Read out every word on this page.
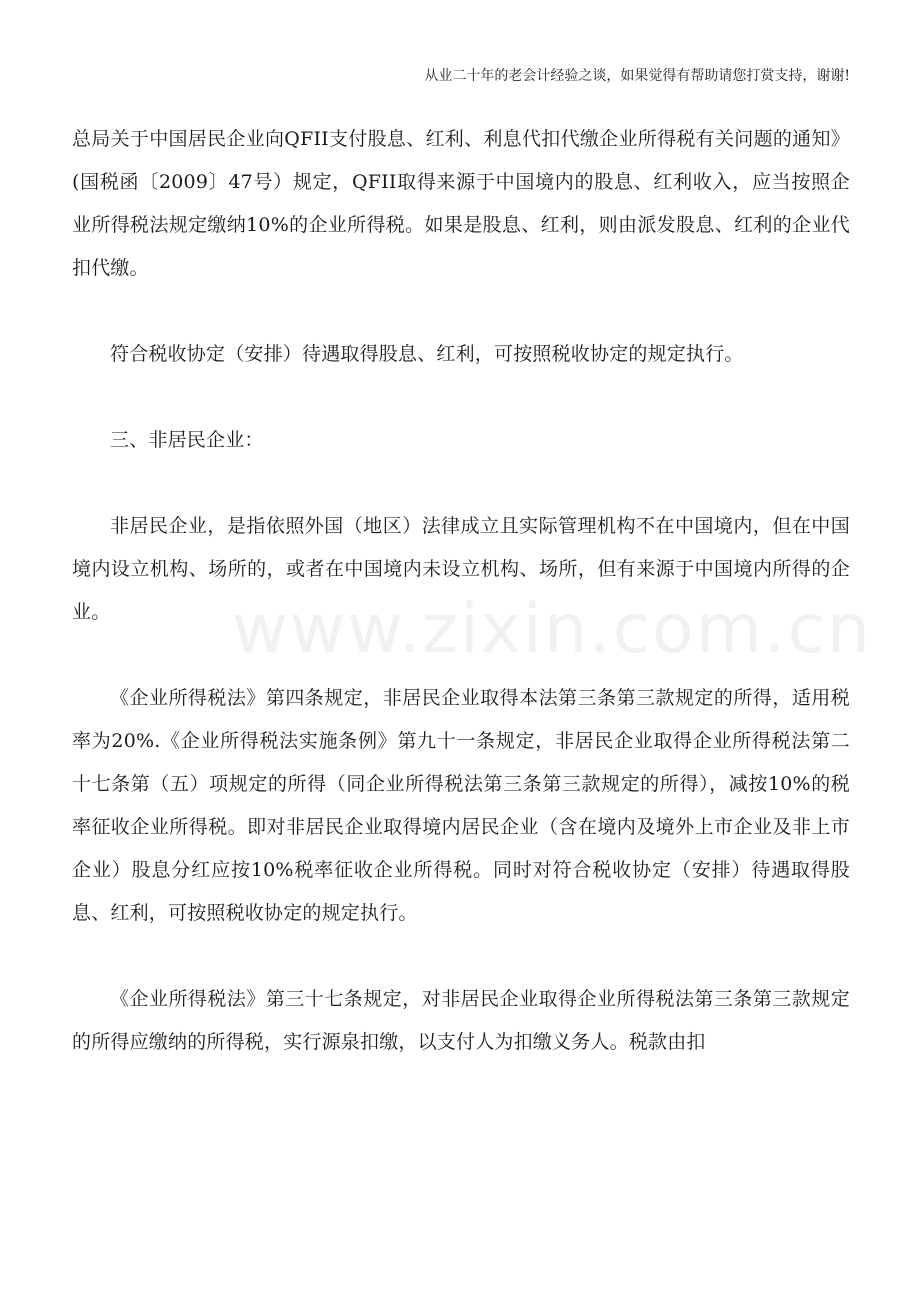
从业二十年的老会计经验之谈，如果觉得有帮助请您打赏支持，谢谢!
www.zixin.com.cn

总局关于中国居民企业向QFII支付股息、红利、利息代扣代缴企业所得税有关问题的通知》(国税函〔2009〕47号）规定，QFII取得来源于中国境内的股息、红利收入，应当按照企业所得税法规定缴纳10%的企业所得税。如果是股息、红利，则由派发股息、红利的企业代扣代缴。

符合税收协定（安排）待遇取得股息、红利，可按照税收协定的规定执行。

三、非居民企业：

非居民企业，是指依照外国（地区）法律成立且实际管理机构不在中国境内，但在中国境内设立机构、场所的，或者在中国境内未设立机构、场所，但有来源于中国境内所得的企业。

《企业所得税法》第四条规定，非居民企业取得本法第三条第三款规定的所得，适用税率为20%.《企业所得税法实施条例》第九十一条规定，非居民企业取得企业所得税法第二十七条第（五）项规定的所得（同企业所得税法第三条第三款规定的所得），减按10%的税率征收企业所得税。即对非居民企业取得境内居民企业（含在境内及境外上市企业及非上市企业）股息分红应按10%税率征收企业所得税。同时对符合税收协定（安排）待遇取得股息、红利，可按照税收协定的规定执行。

《企业所得税法》第三十七条规定，对非居民企业取得企业所得税法第三条第三款规定的所得应缴纳的所得税，实行源泉扣缴，以支付人为扣缴义务人。税款由扣
